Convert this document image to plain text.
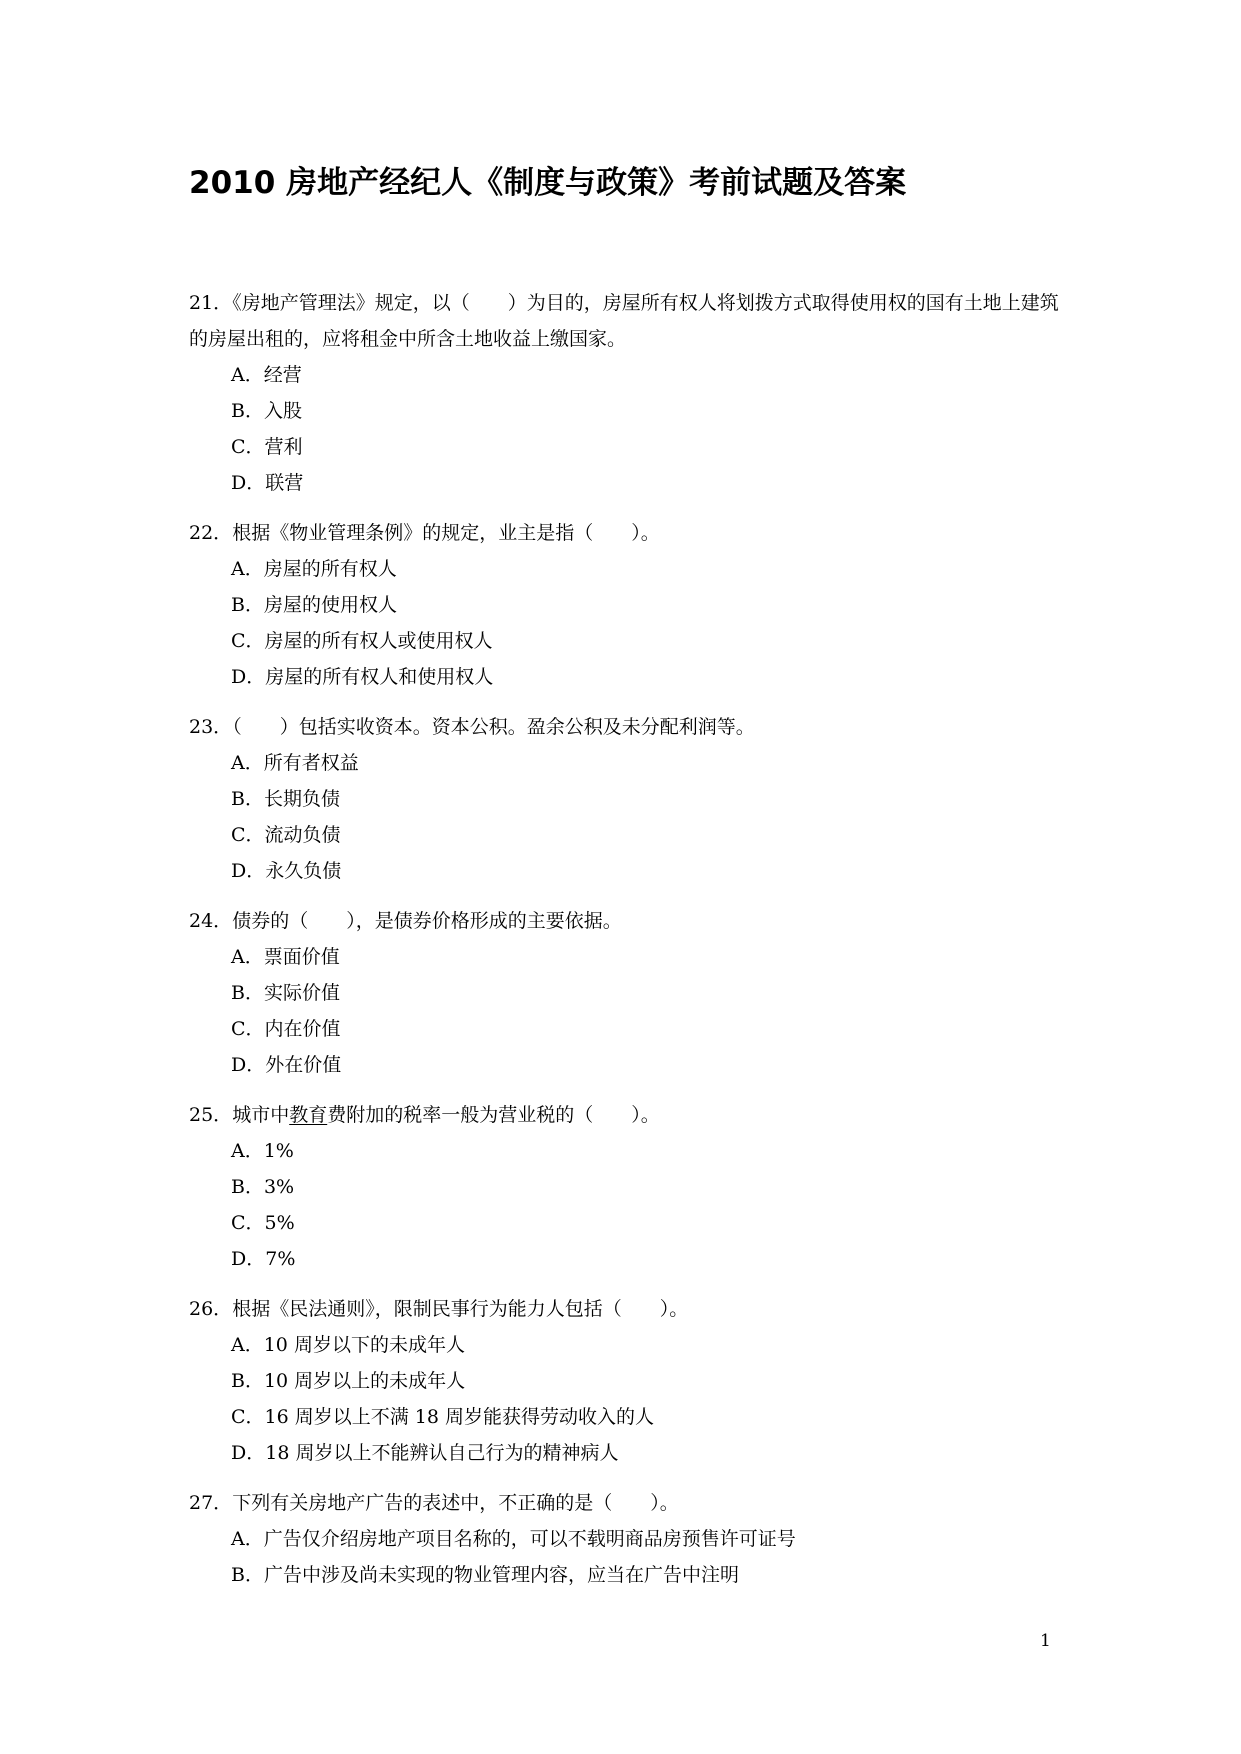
2010 房地产经纪人《制度与政策》考前试题及答案

21．《房地产管理法》规定，以（　　）为目的，房屋所有权人将划拨方式取得使用权的国有土地上建筑的房屋出租的，应将租金中所含土地收益上缴国家。

A．经营
B．入股
C．营利
D．联营

22．根据《物业管理条例》的规定，业主是指（　　）。

A．房屋的所有权人
B．房屋的使用权人
C．房屋的所有权人或使用权人
D．房屋的所有权人和使用权人

23．（　　）包括实收资本。资本公积。盈余公积及未分配利润等。

A．所有者权益
B．长期负债
C．流动负债
D．永久负债

24．债券的（　　），是债券价格形成的主要依据。

A．票面价值
B．实际价值
C．内在价值
D．外在价值

25．城市中教育费附加的税率一般为营业税的（　　）。

A．1%
B．3%
C．5%
D．7%

26．根据《民法通则》，限制民事行为能力人包括（　　）。

A．10 周岁以下的未成年人
B．10 周岁以上的未成年人
C．16 周岁以上不满 18 周岁能获得劳动收入的人
D．18 周岁以上不能辨认自己行为的精神病人

27．下列有关房地产广告的表述中，不正确的是（　　）。

A．广告仅介绍房地产项目名称的，可以不载明商品房预售许可证号
B．广告中涉及尚未实现的物业管理内容，应当在广告中注明
1
